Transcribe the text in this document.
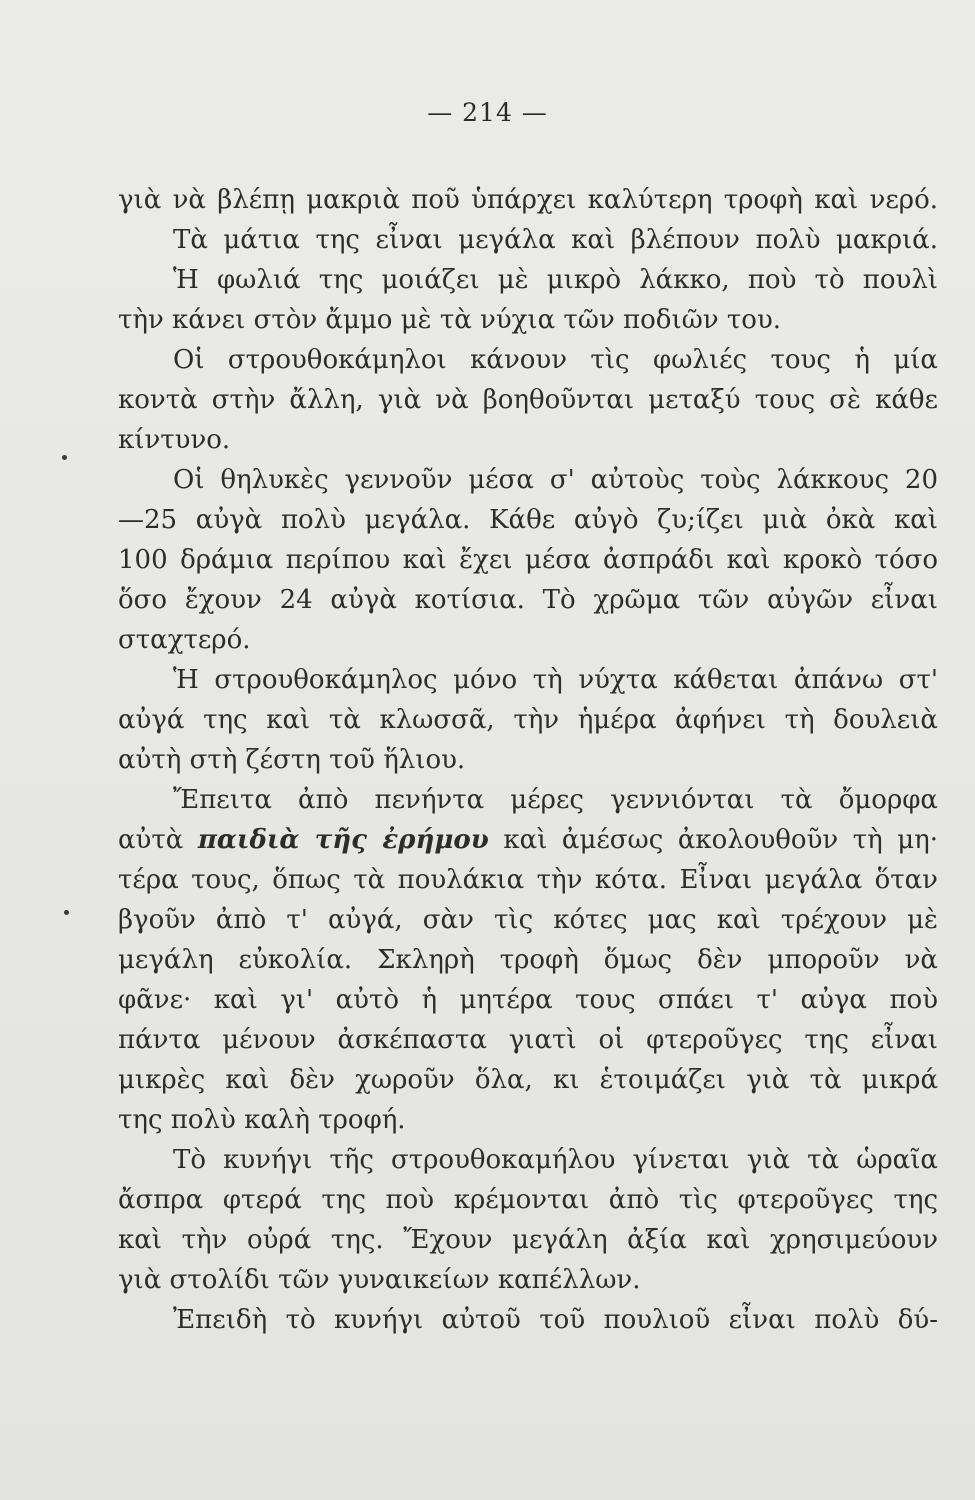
— 214 —
γιὰ νὰ βλέπῃ μακριὰ ποῦ ὑπάρχει καλύτερη τροφὴ καὶ νερό.
Τὰ μάτια της εἶναι μεγάλα καὶ βλέπουν πολὺ μακριά.
Ἡ φωλιά της μοιάζει μὲ μικρὸ λάκκο, ποὺ τὸ πουλὶ
τὴν κάνει στὸν ἄμμο μὲ τὰ νύχια τῶν ποδιῶν του.
Οἱ στρουθοκάμηλοι κάνουν τὶς φωλιές τους ἡ μία
κοντὰ στὴν ἄλλη, γιὰ νὰ βοηθοῦνται μεταξύ τους σὲ κάθε
κίντυνο.
Οἱ θηλυκὲς γεννοῦν μέσα σ' αὐτοὺς τοὺς λάκκους 20
—25 αὐγὰ πολὺ μεγάλα. Κάθε αὐγὸ ζυ;ίζει μιὰ ὀκὰ καὶ
100 δράμια περίπου καὶ ἔχει μέσα ἀσπράδι καὶ κροκὸ τόσο
ὅσο ἔχουν 24 αὐγὰ κοτίσια. Τὸ χρῶμα τῶν αὐγῶν εἶναι
σταχτερό.
Ἡ στρουθοκάμηλος μόνο τὴ νύχτα κάθεται ἀπάνω στ'
αὐγά της καὶ τὰ κλωσσᾶ, τὴν ἡμέρα ἀφήνει τὴ δουλειὰ
αὐτὴ στὴ ζέστη τοῦ ἥλιου.
Ἔπειτα ἀπὸ πενήντα μέρες γεννιόνται τὰ ὄμορφα
αὐτὰ παιδιὰ τῆς ἐρήμου καὶ ἀμέσως ἀκολουθοῦν τὴ μη·
τέρα τους, ὅπως τὰ πουλάκια τὴν κότα. Εἶναι μεγάλα ὅταν
βγοῦν ἀπὸ τ' αὐγά, σὰν τὶς κότες μας καὶ τρέχουν μὲ
μεγάλη εὐκολία. Σκληρὴ τροφὴ ὅμως δὲν μποροῦν νὰ
φᾶνε· καὶ γι' αὐτὸ ἡ μητέρα τους σπάει τ' αὐγα ποὺ
πάντα μένουν ἀσκέπαστα γιατὶ οἱ φτεροῦγες της εἶναι
μικρὲς καὶ δὲν χωροῦν ὅλα, κι ἑτοιμάζει γιὰ τὰ μικρά
της πολὺ καλὴ τροφή.
Τὸ κυνήγι τῆς στρουθοκαμήλου γίνεται γιὰ τὰ ὡραῖα
ἄσπρα φτερά της ποὺ κρέμονται ἀπὸ τὶς φτεροῦγες της
καὶ τὴν οὐρά της. Ἔχουν μεγάλη ἀξία καὶ χρησιμεύουν
γιὰ στολίδι τῶν γυναικείων καπέλλων.
Ἐπειδὴ τὸ κυνήγι αὐτοῦ τοῦ πουλιοῦ εἶναι πολὺ δύ-
